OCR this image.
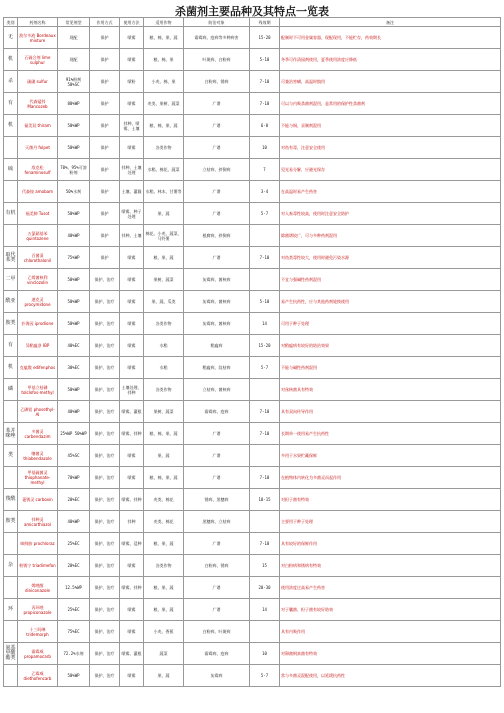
杀菌剂主要品种及其特点一览表
类别	药剂名称	常见剂型	作用方式	使用方法	适用作物	防治对象	残效期	备注
无	波尔多液 Bordeaux mixture	现配	保护	喷雾	粮、棉、果、蔬	霜霉病、疫病等多种病害	15-20	配制时不可用金属容器，现配现用，不能贮存，药效期长
机	石硫合剂 lime sulphur	现配	保护	喷雾	粮、棉、果	叶斑病、白粉病	5-10	冬季可作清园剂使用，夏季使用浓度应降低
杀	硫磺 sulfur	91%粉剂 50%SC	保护	喷粉	小麦、棉、果	白粉病、锈病	7-10	可兼治害螨，高温时慎用
有	代森锰锌 Mancozeb	80%WP	保护	喷雾	麦类、果树、蔬菜	广谱	7-10	可以与内吸杀菌剂混用，是常用的保护性杀菌剂
机	福美双 thiram	50%WP	保护	拌种、喷雾、土壤	粮、棉、果、蔬	广谱	6-8	不能与铜、汞制剂混用
	灭菌丹 folpet	50%WP	保护	喷雾	各类作物	广谱	10	对鱼有毒，注意安全使用
硫	敌克松 fenaminosulf	70%、95%可溶粉剂	保护	拌种、土壤处理	水稻、棉花、蔬菜	立枯病、猝倒病	7	见光易分解，应避光保存
	代森铵 amobam	50%水剂	保护	土壤、灌溉	水稻、林木、甘薯等	广谱	3-4	在高温时易产生药害
有机	福美胂 Tusot	50%WP	保护	喷雾、种子处理	果、蔬	广谱	5-7	对人畜毒性较高，使用时注意安全防护
	五氯硝基苯 quintozene	40%WP	保护	拌种、土壤	棉花、小麦、蔬菜、马铃薯	根腐病、猝倒病		除菌谱较广，可与多种药剂混用
取代苯类	百菌清 chlorothalonil	75%WP	保护	喷雾	粮、果、蔬	广谱	7-10	对鱼类毒性较大，使用时避免污染水源
二甲	乙烯菌核利 vinclozolin	50%WP	保护、治疗	喷雾	果树、蔬菜	灰霉病、菌核病		不宜与强碱性药剂混用
酰亚	速克灵 procymidone	50%WP	保护、治疗	喷雾	果、蔬、瓜类	灰霉病、菌核病	5-10	易产生抗药性，应与其他药剂轮换使用
胺类	扑海因 iprodione	50%WP	保护、治疗	喷雾	各类作物	灰霉病、菌核病	14	可用于种子处理
有	异稻瘟净 IBP	40%EC	保护、治疗	喷雾	水稻	稻瘟病	15-20	对稻瘟病有较好的防治效果
机	克瘟散 edifenphos	30%EC	保护、治疗	喷雾	水稻	稻瘟病、纹枯病	5-7	不能与碱性药剂混用
磷	甲基立枯磷 tolclofos-methyl	50%WP	保护、治疗	土壤处理、拌种	各类作物	立枯病、菌核病		对丝核菌具有特效
	乙磷铝 phosethyl-Al	40%WP	保护、治疗	喷雾、灌根	果树、蔬菜	霜霉病、疫病	7-10	具有双向传导作用
苯并咪唑	多菌灵 carbendazim	25%WP 50%WP	保护、治疗	喷雾、拌种	粮、棉、果、蔬	广谱	7-10	长期单一使用易产生抗药性
类	噻菌灵 thiabendazole	45%SC	保护、治疗	喷雾	果、蔬	广谱		多用于水果贮藏保鲜
	甲基硫菌灵 thiophanate-methyl	70%WP	保护、治疗	喷雾	粮、棉、果、蔬	广谱	7-10	在植物体内转化为多菌灵而起作用
羧酰	萎锈灵 carboxin	20%EC	保护、治疗	喷雾、拌种	麦类、棉花	锈病、黑穗病	10-15	对担子菌有特效
胺类	拌种灵 amicarthiazol	40%WP	保护、治疗	拌种	麦类、棉花	黑穗病、立枯病		主要用于种子处理
	咪鲜胺 prochloraz	25%EC	保护、治疗	喷雾、浸种	粮、果、蔬	广谱	7-10	具有较好的保鲜作用
杂	粉锈宁 triadimefon	20%EC	保护、治疗	喷雾	各类作物	白粉病、锈病	15	对白粉病和锈病有特效
	烯唑醇 diniconazole	12.5%WP	保护、治疗	喷雾、拌种	粮、果、蔬	广谱	20-30	使用浓度过高易产生药害
环	丙环唑 propiconazole	25%EC	保护、治疗	喷雾	粮、果、蔬	广谱	14	对子囊菌、担子菌有较好防效
	十三吗啉 tridemorph	75%EC	保护、治疗	喷雾	小麦、香蕉	白粉病、叶斑病		具有内吸作用
氨基甲酸酯类	霜霉威 propamocarb	72.2%水剂	保护、治疗	喷雾、灌根	蔬菜	霜霉病、疫病	10	对卵菌纲真菌有特效
	乙霉威 diethofencarb	50%WP	保护、治疗	喷雾	果、蔬	灰霉病	5-7	常与多菌灵混配使用，以延缓抗药性
